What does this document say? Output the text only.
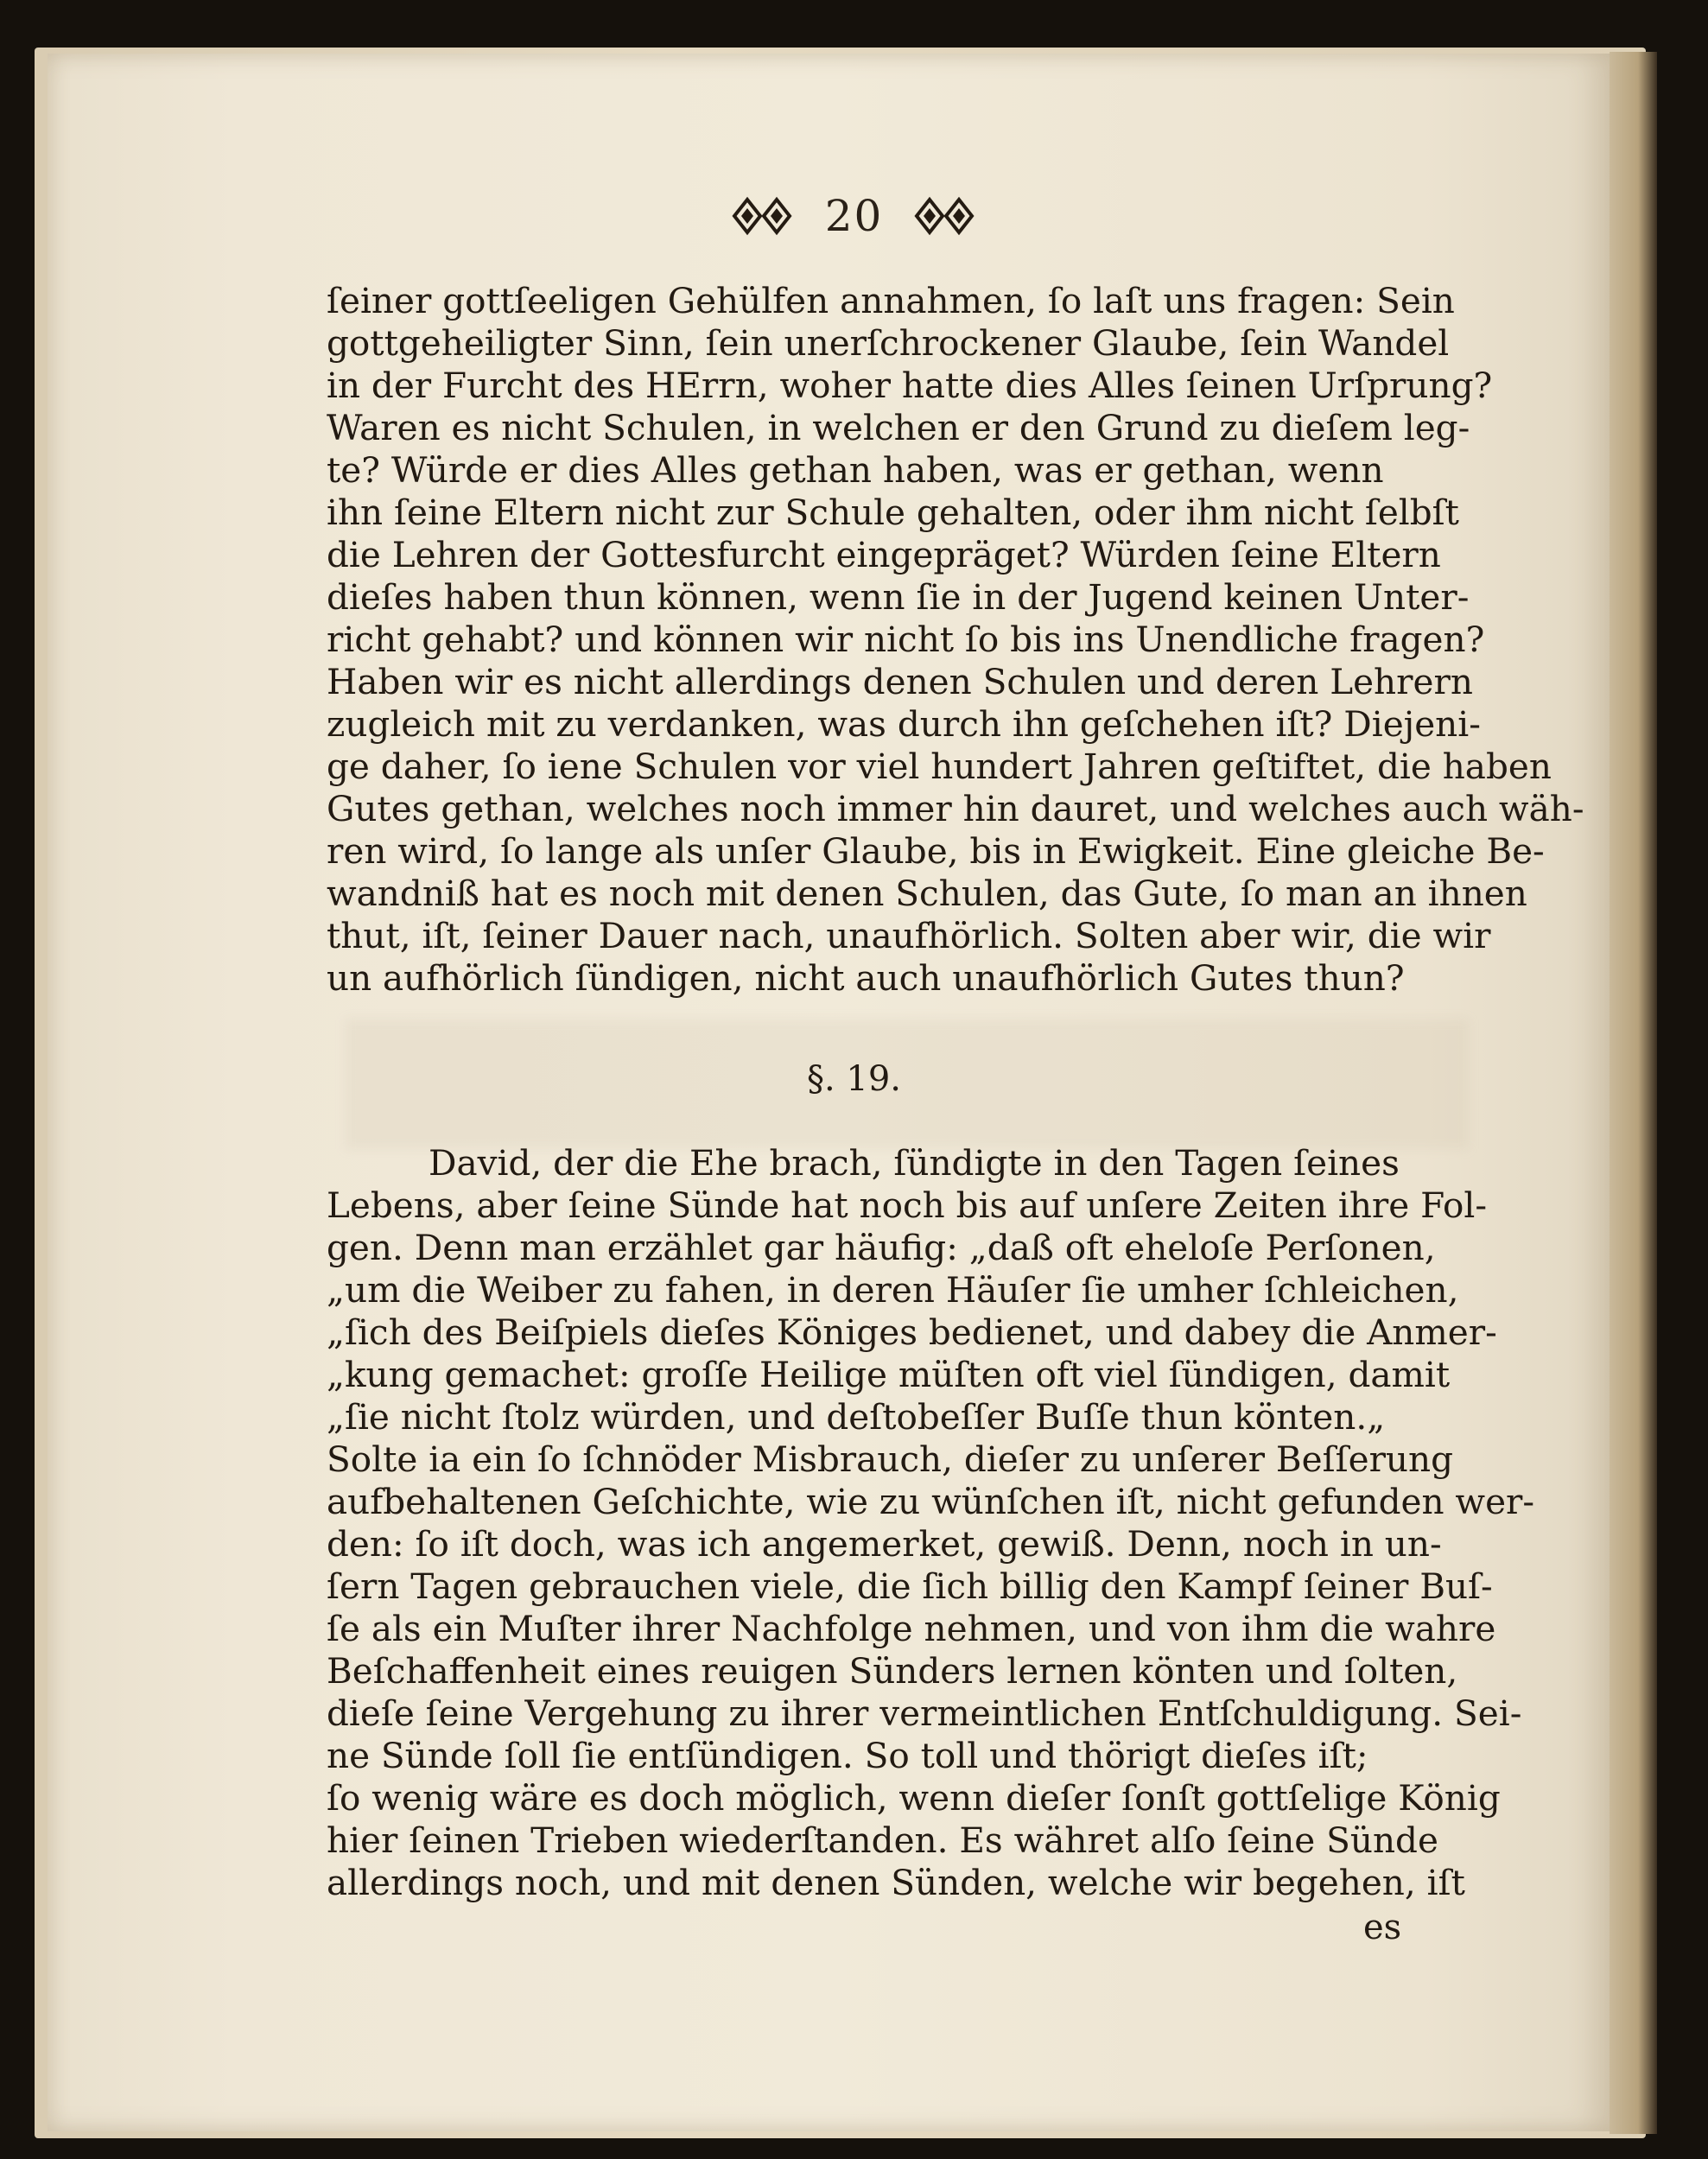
20
ſeiner gottſeeligen Gehülfen annahmen, ſo laſt uns fragen: Sein
gottgeheiligter Sinn, ſein unerſchrockener Glaube, ſein Wandel
in der Furcht des HErrn, woher hatte dies Alles ſeinen Urſprung?
Waren es nicht Schulen, in welchen er den Grund zu dieſem leg-
te? Würde er dies Alles gethan haben, was er gethan, wenn
ihn ſeine Eltern nicht zur Schule gehalten, oder ihm nicht ſelbſt
die Lehren der Gottesfurcht eingepräget? Würden ſeine Eltern
dieſes haben thun können, wenn ſie in der Jugend keinen Unter-
richt gehabt? und können wir nicht ſo bis ins Unendliche fragen?
Haben wir es nicht allerdings denen Schulen und deren Lehrern
zugleich mit zu verdanken, was durch ihn geſchehen iſt? Diejeni-
ge daher, ſo iene Schulen vor viel hundert Jahren geſtiftet, die haben
Gutes gethan, welches noch immer hin dauret, und welches auch wäh-
ren wird, ſo lange als unſer Glaube, bis in Ewigkeit. Eine gleiche Be-
wandniß hat es noch mit denen Schulen, das Gute, ſo man an ihnen
thut, iſt, ſeiner Dauer nach, unaufhörlich. Solten aber wir, die wir
un aufhörlich ſündigen, nicht auch unaufhörlich Gutes thun?
§. 19.
David, der die Ehe brach, ſündigte in den Tagen ſeines
Lebens, aber ſeine Sünde hat noch bis auf unſere Zeiten ihre Fol-
gen. Denn man erzählet gar häufig: „daß oft eheloſe Perſonen,
„um die Weiber zu fahen, in deren Häuſer ſie umher ſchleichen,
„ſich des Beiſpiels dieſes Königes bedienet, und dabey die Anmer-
„kung gemachet: groſſe Heilige müſten oft viel ſündigen, damit
„ſie nicht ſtolz würden, und deſtobeſſer Buſſe thun könten.„
Solte ia ein ſo ſchnöder Misbrauch, dieſer zu unſerer Beſſerung
aufbehaltenen Geſchichte, wie zu wünſchen iſt, nicht gefunden wer-
den: ſo iſt doch, was ich angemerket, gewiß. Denn, noch in un-
ſern Tagen gebrauchen viele, die ſich billig den Kampf ſeiner Buſ-
ſe als ein Muſter ihrer Nachfolge nehmen, und von ihm die wahre
Beſchaffenheit eines reuigen Sünders lernen könten und ſolten,
dieſe ſeine Vergehung zu ihrer vermeintlichen Entſchuldigung. Sei-
ne Sünde ſoll ſie entſündigen. So toll und thörigt dieſes iſt;
ſo wenig wäre es doch möglich, wenn dieſer ſonſt gottſelige König
hier ſeinen Trieben wiederſtanden. Es währet alſo ſeine Sünde
allerdings noch, und mit denen Sünden, welche wir begehen, iſt
es
